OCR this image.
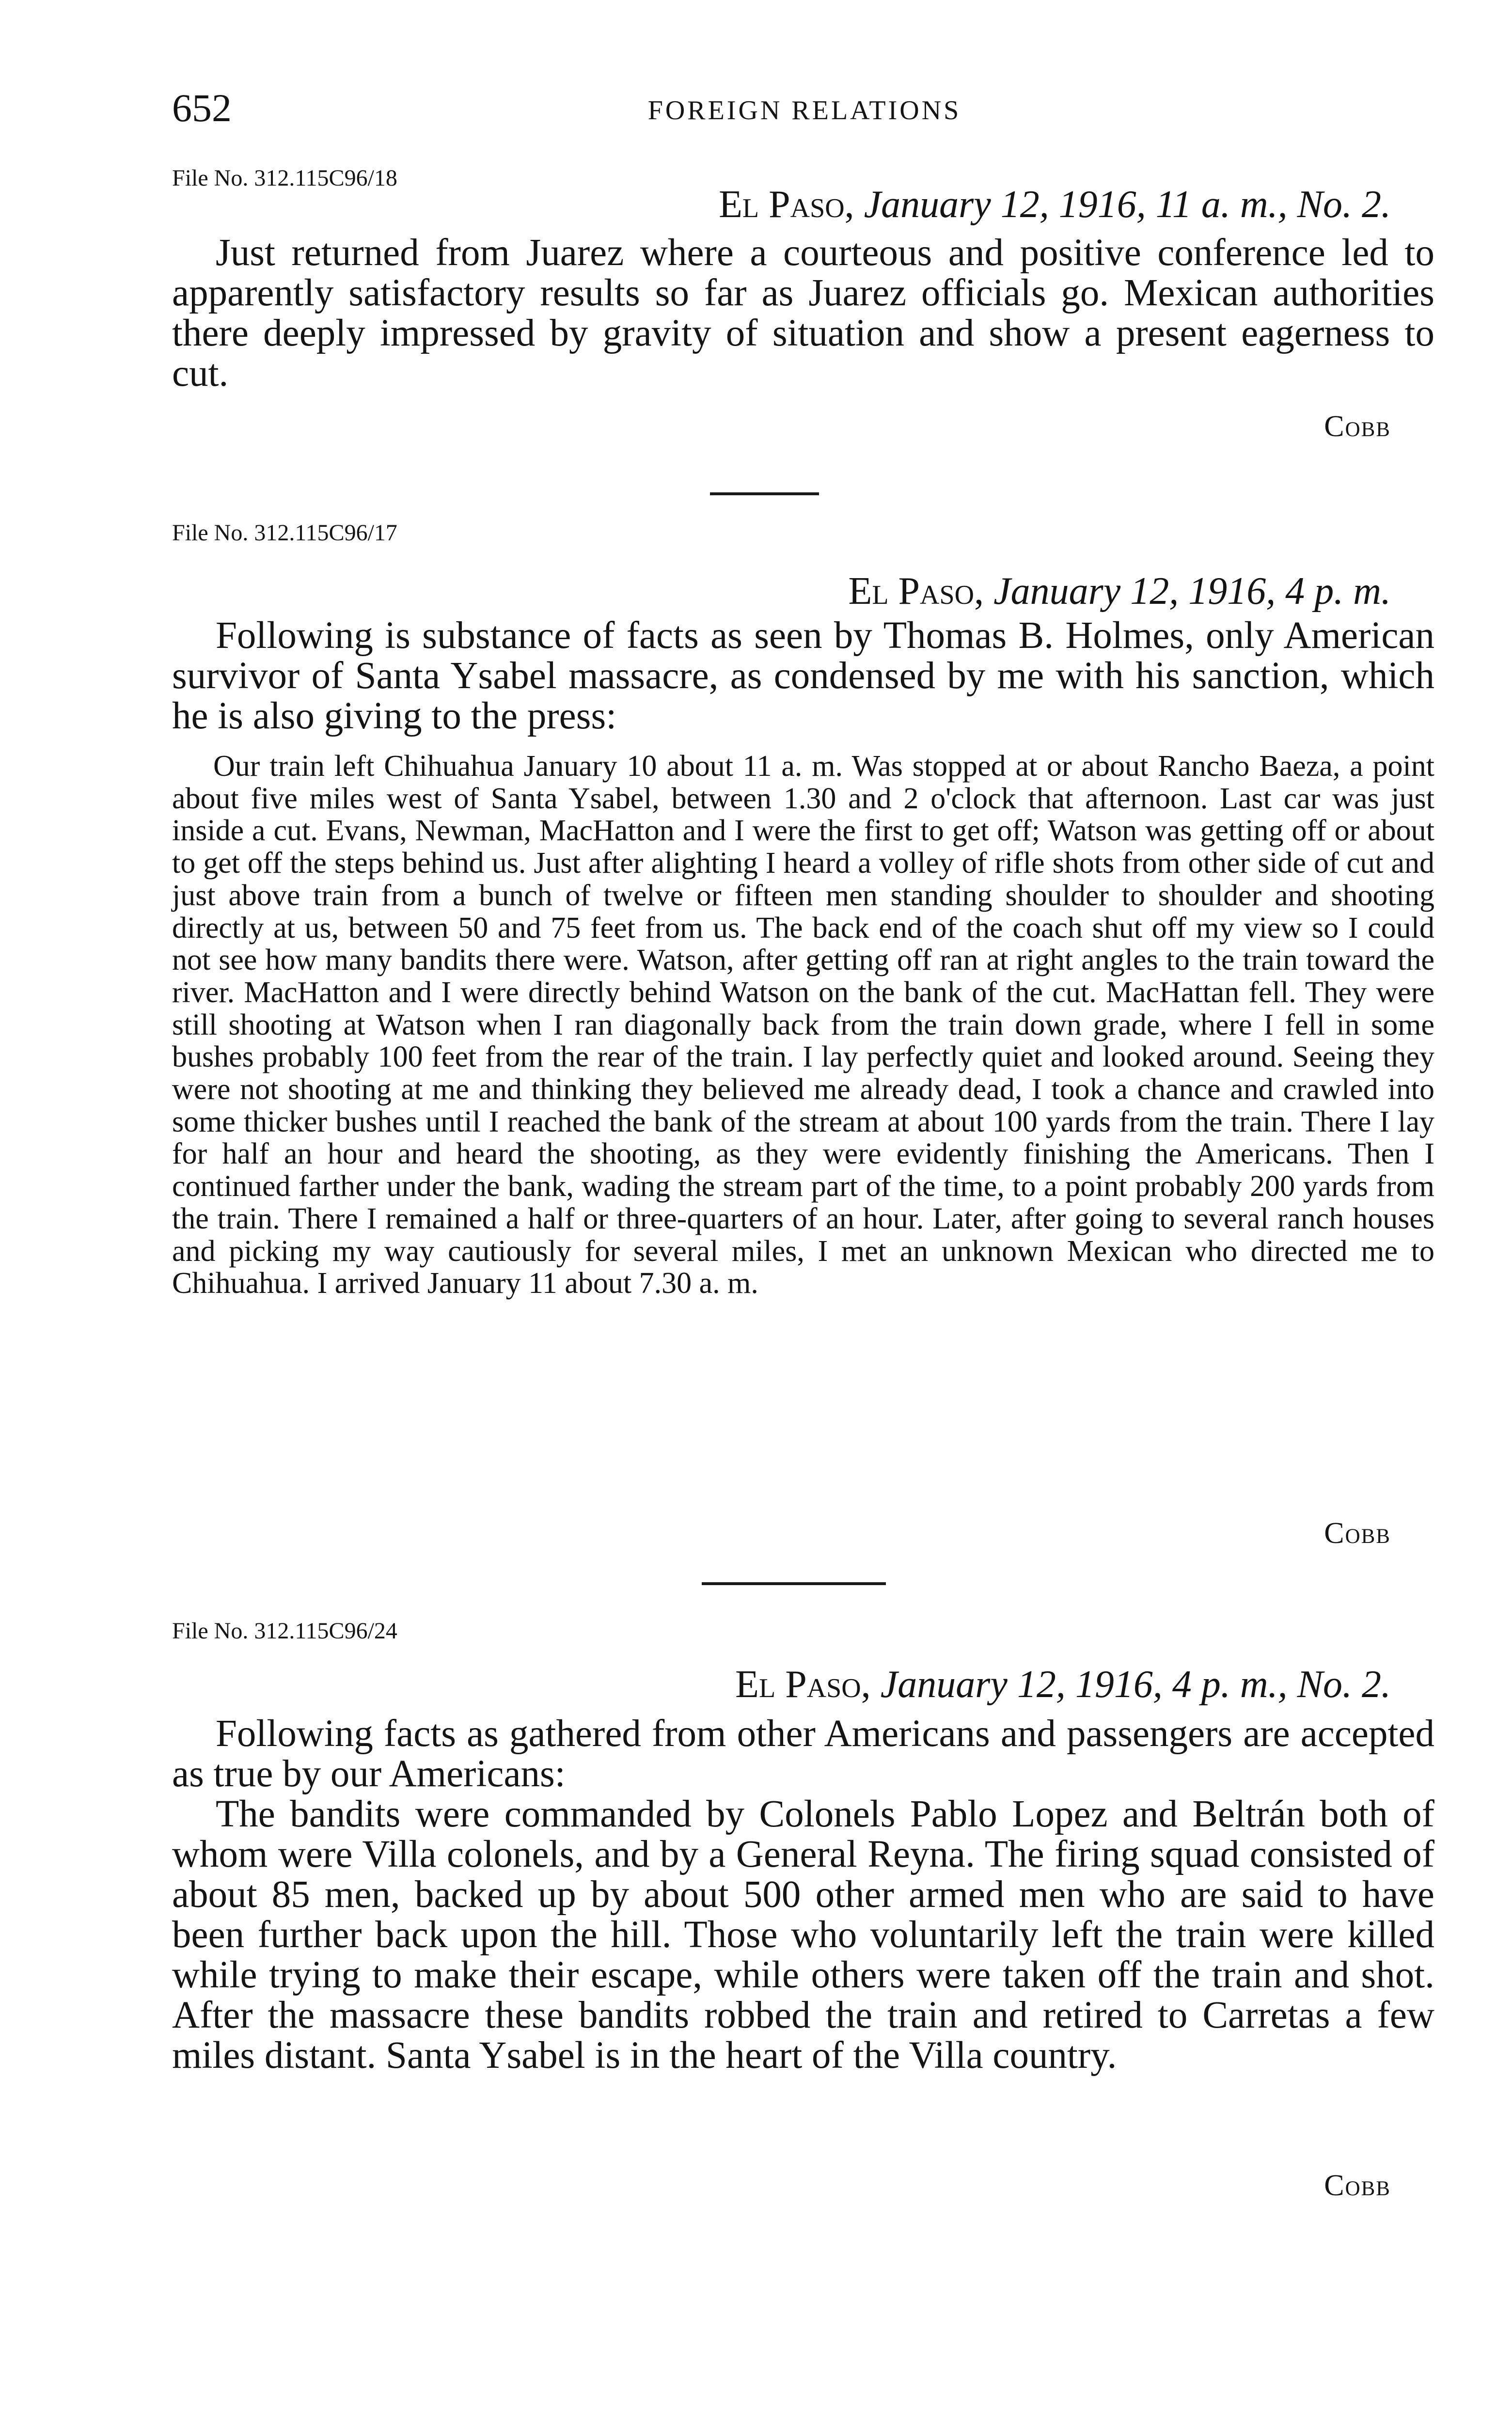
652	FOREIGN RELATIONS
File No. 312.115C96/18
El Paso, January 12, 1916, 11 a. m., No. 2.

Just returned from Juarez where a courteous and positive conference led to apparently satisfactory results so far as Juarez officials go. Mexican authorities there deeply impressed by gravity of situation and show a present eagerness to cut.

Cobb
File No. 312.115C96/17
El Paso, January 12, 1916, 4 p. m.

Following is substance of facts as seen by Thomas B. Holmes, only American survivor of Santa Ysabel massacre, as condensed by me with his sanction, which he is also giving to the press:

Our train left Chihuahua January 10 about 11 a. m. Was stopped at or about Rancho Baeza, a point about five miles west of Santa Ysabel, between 1.30 and 2 o'clock that afternoon. Last car was just inside a cut. Evans, Newman, MacHatton and I were the first to get off; Watson was getting off or about to get off the steps behind us. Just after alighting I heard a volley of rifle shots from other side of cut and just above train from a bunch of twelve or fifteen men standing shoulder to shoulder and shooting directly at us, between 50 and 75 feet from us. The back end of the coach shut off my view so I could not see how many bandits there were. Watson, after getting off ran at right angles to the train toward the river. MacHatton and I were directly behind Watson on the bank of the cut. MacHattan fell. They were still shooting at Watson when I ran diagonally back from the train down grade, where I fell in some bushes probably 100 feet from the rear of the train. I lay perfectly quiet and looked around. Seeing they were not shooting at me and thinking they believed me already dead, I took a chance and crawled into some thicker bushes until I reached the bank of the stream at about 100 yards from the train. There I lay for half an hour and heard the shooting, as they were evidently finishing the Americans. Then I continued farther under the bank, wading the stream part of the time, to a point probably 200 yards from the train. There I remained a half or three-quarters of an hour. Later, after going to several ranch houses and picking my way cautiously for several miles, I met an unknown Mexican who directed me to Chihuahua. I arrived January 11 about 7.30 a. m.

Cobb
File No. 312.115C96/24
El Paso, January 12, 1916, 4 p. m., No. 2.

Following facts as gathered from other Americans and passengers are accepted as true by our Americans:

The bandits were commanded by Colonels Pablo Lopez and Beltrán both of whom were Villa colonels, and by a General Reyna. The firing squad consisted of about 85 men, backed up by about 500 other armed men who are said to have been further back upon the hill. Those who voluntarily left the train were killed while trying to make their escape, while others were taken off the train and shot. After the massacre these bandits robbed the train and retired to Carretas a few miles distant. Santa Ysabel is in the heart of the Villa country.

Cobb
